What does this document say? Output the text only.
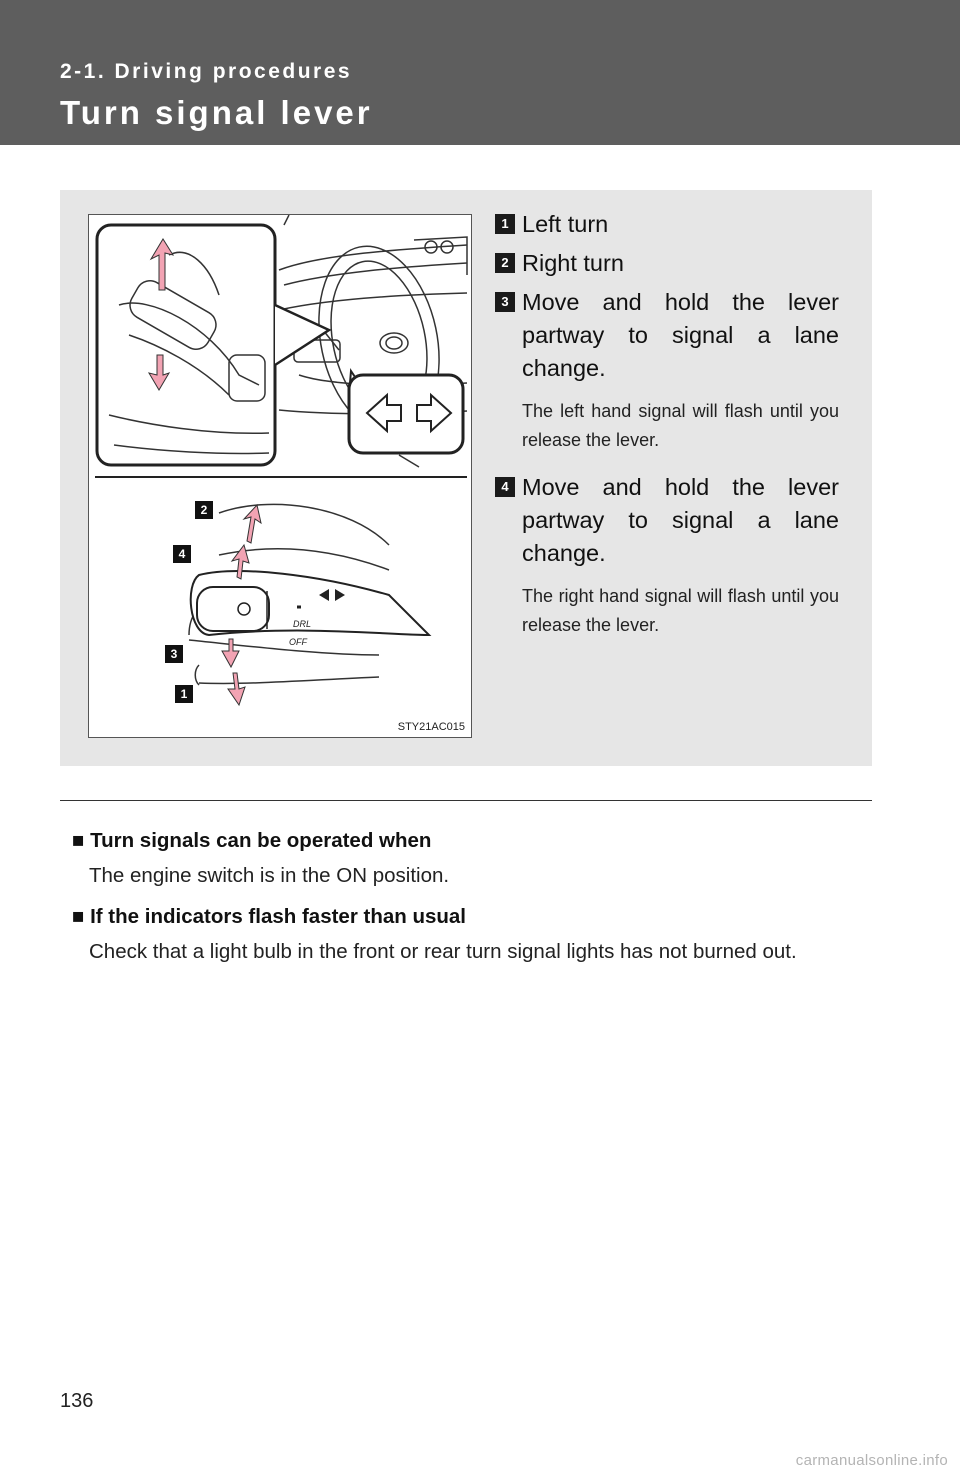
2-1. Driving procedures
Turn signal lever
DRL
OFF
2
4
3
1
STY21AC015
1 Left turn
2 Right turn
3 Move and hold the lever partway to signal a lane change.
The left hand signal will flash until you release the lever.
4 Move and hold the lever partway to signal a lane change.
The right hand signal will flash until you release the lever.
■ Turn signals can be operated when
The engine switch is in the ON position.
■ If the indicators flash faster than usual
Check that a light bulb in the front or rear turn signal lights has not burned out.
136
carmanualsonline.info
